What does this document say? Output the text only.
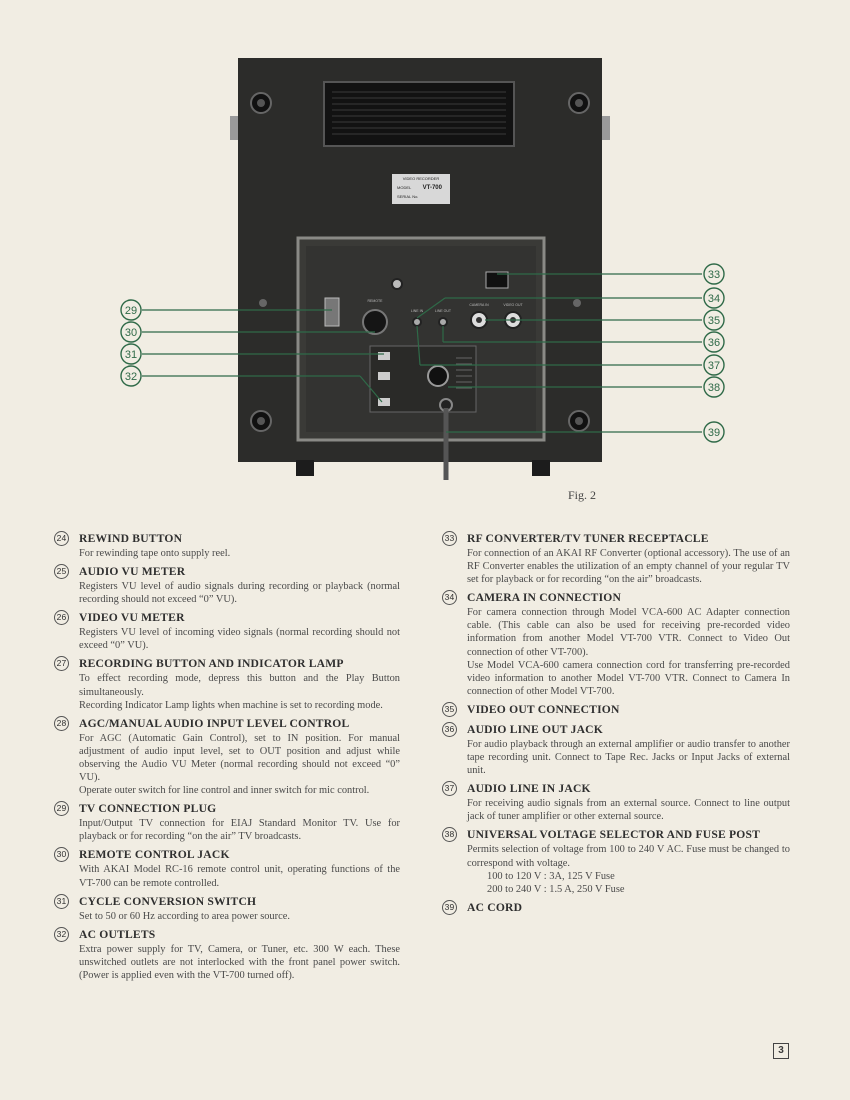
VIDEO RECORDER
MODEL VT-700
SERIAL No.
REMOTE
LINE IN	LINE OUT
CAMERA IN	VIDEO OUT
29
30
31
32
33
34
35
36
37
38
39
Fig. 2
24 REWIND BUTTON

For rewinding tape onto supply reel.

25 AUDIO VU METER

Registers VU level of audio signals during recording or playback (normal recording should not exceed “0” VU).

26 VIDEO VU METER

Registers VU level of incoming video signals (normal recording should not exceed “0” VU).

27 RECORDING BUTTON AND INDICATOR LAMP

To effect recording mode, depress this button and the Play Button simultaneously.

Recording Indicator Lamp lights when machine is set to recording mode.

28 AGC/MANUAL AUDIO INPUT LEVEL CONTROL

For AGC (Automatic Gain Control), set to IN position. For manual adjustment of audio input level, set to OUT position and adjust while observing the Audio VU Meter (normal recording should not exceed “0” VU).

Operate outer switch for line control and inner switch for mic control.

29 TV CONNECTION PLUG

Input/Output TV connection for EIAJ Standard Monitor TV. Use for playback or for recording “on the air” TV broadcasts.

30 REMOTE CONTROL JACK

With AKAI Model RC-16 remote control unit, operating functions of the VT-700 can be remote controlled.

31 CYCLE CONVERSION SWITCH

Set to 50 or 60 Hz according to area power source.

32 AC OUTLETS

Extra power supply for TV, Camera, or Tuner, etc. 300 W each. These unswitched outlets are not interlocked with the front panel power switch. (Power is applied even with the VT-700 turned off).

33 RF CONVERTER/TV TUNER RECEPTACLE

For connection of an AKAI RF Converter (optional accessory). The use of an RF Converter enables the utilization of an empty channel of your regular TV set for playback or for recording “on the air” broadcasts.

34 CAMERA IN CONNECTION

For camera connection through Model VCA-600 AC Adapter connection cable. (This cable can also be used for receiving pre-recorded video information from another Model VT-700 VTR. Connect to Video Out connection of other VT-700).

Use Model VCA-600 camera connection cord for transferring pre-recorded video information to another Model VT-700 VTR. Connect to Camera In connection of other Model VT-700.

35 VIDEO OUT CONNECTION
36 AUDIO LINE OUT JACK

For audio playback through an external amplifier or audio transfer to another tape recording unit. Connect to Tape Rec. Jacks or Input Jacks of external unit.

37 AUDIO LINE IN JACK

For receiving audio signals from an external source. Connect to line output jack of tuner amplifier or other external source.

38 UNIVERSAL VOLTAGE SELECTOR AND FUSE POST

Permits selection of voltage from 100 to 240 V AC. Fuse must be changed to correspond with voltage.

100 to 120 V : 3A, 125 V Fuse

200 to 240 V : 1.5 A, 250 V Fuse

39 AC CORD
3
